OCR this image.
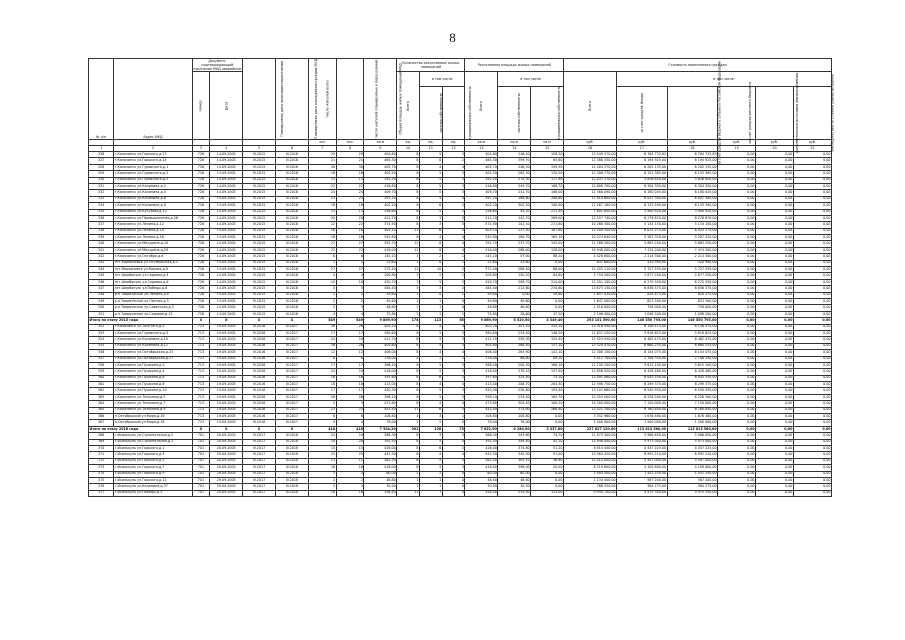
8
№ п/п	Адрес МКД	Документ, подтверждающий признание МКД аварийным		Планируемая дата окончания переселения	Планируемая дата сноса/реконструкции МКД	Число жителей всего	Число жителей планируемых к переселению	Общая площадь жилых помещений МКД	Количество расселяемых жилых помещений			Расселяемая площадь жилых помещений			Стоимость переселения граждан					
		Номер	Дата						Всего	в том числе		Всего	в том числе		Всего	в том числе:				
										частная собственность	муниципальная собственность		частная собственность	муниципальная собственность		за счет средств Фонда	за счет средств бюджета субъекта Российской Федерации	за счет средств местного бюджета	Дополнительные источники финансирования	Внебюджетные источники финансирования
						чел.	чел.	кв.м	ед.	ед.	ед.	кв.м	кв.м	кв.м	руб.	руб.	руб.	руб.	руб.	руб.
1	2	3	4	5	6	7	8	9	10	11	12	13	14	15	16	17	18	19	20	21
326	г.Калачинск ул.Горького,д.13	726	14.09.2005	IV.2015	IV.2016	29	29	404,60	8	5	3	404,60	246,40	158,20	13 349 470,00	6 784 733,85	6 784 733,85	0,00	0,00	0,00
327	г.Калачинск ул.Горького,д.14	726	14.09.2005	IV.2015	IV.2016	21	21	465,30	8	6	2	465,30	399,70	65,60	12 388 350,00	6 194 925,00	6 194 925,00	0,00	0,00	0,00
328	г.Калачинск ул.Гуровского,д.1	726	14.09.2005	IV.2015	IV.2016	30	30	405,70	8	4	4	405,70	246,20	159,50	12 404 270,00	6 202 135,00	6 202 135,00	0,00	0,00	0,00
329	г.Калачинск ул.Гуровского,д.2	726	14.09.2005	IV.2015	IV.2016	16	16	405,50	8	5	3	405,50	285,30	120,20	12 306 770,00	6 153 385,00	6 153 385,00	0,00	0,00	0,00
330	г.Калачинск ул.Гуровского,д.3	726	14.09.2005	IV.2015	IV.2016	13	13	392,20	8	5	3	392,20	274,30	117,90	12 037 170,00	5 826 850,00	5 826 850,00	0,00	0,00	0,00
331	г.Калачинск ул.Калинина,д.2	726	14.09.2005	IV.2015	IV.2016	22	22	416,80	8	5	3	416,80	249,70	166,70	12 608 700,00	6 304 350,00	6 304 350,00	0,00	0,00	0,00
332	г.Калачинск ул.Калинина,д.4	726	14.09.2005	IV.2015	IV.2016	24	24	409,70	8	5	3	409,70	241,70	168,00	12 360 090,00	6 180 045,00	6 180 045,00	0,00	0,00	0,00
333	г.Калачинск ул.Калинина,д.6	726	14.09.2005	IV.2015	IV.2016	23	23	397,20	8	4	4	397,20	188,60	208,60	11 914 600,00	6 057 300,00	6 057 300,00	0,00	0,00	0,00
334	г.Калачинск ул.Калинина,д.8	726	14.09.2005	IV.2015	IV.2016	18	18	402,20	8	6	2	402,20	302,20	100,00	12 267 180,00	6 133 590,00	6 133 590,00	0,00	0,00	0,00
335	г.Калачинск ул.Кутузова,д.12	726	14.09.2005	IV.2015	IV.2016	13	13	256,60	6	4	2	256,60	45,20	211,40	7 801 840,00	3 900 920,00	3 900 920,00	0,00	0,00	0,00
336	г.Калачинск ул.Промышленная,д.26	726	14.09.2005	IV.2015	IV.2016	20	20	411,70	8	3	5	411,70	142,70	269,00	12 557 740,00	6 278 870,00	6 278 870,00	0,00	0,00	0,00
337	г.Калачинск ул.Ленина,д.12	726	14.09.2005	IV.2015	IV.2016	22	22	374,90	8	3	5	374,90	102,10	272,80	10 268 300,00	5 134 150,00	5 134 150,00	0,00	0,00	0,00
338	г.Калачинск ул.Ленина,д.14	726	14.09.2005	IV.2015	IV.2016	16	16	405,10	11	6	5	405,10	237,50	167,60	12 050 550,00	6 025 275,00	6 025 275,00	0,00	0,00	0,00
339	г.Калачинск ул.Ленина,д.16	726	14.09.2005	IV.2015	IV.2016	16	16	345,80	8	4	4	345,80	180,70	165,10	10 574 640,00	5 287 320,00	5 287 320,00	0,00	0,00	0,00
340	г.Калачинск ул.Мичурина,д.10	726	14.09.2005	IV.2015	IV.2016	27	27	392,70	12	8	4	392,70	237,70	155,00	11 766 500,00	5 883 250,00	5 883 250,00	0,00	0,00	0,00
341	г.Калачинск ул.Мичурина,д.29	726	14.09.2005	IV.2015	IV.2016	22	22	416,00	12	8	4	416,00	288,00	128,00	14 948 000,00	7 474 200,00	7 474 200,00	0,00	0,00	0,00
342	г.Калачинск ул.Октября,д.6	726	14.09.2005	IV.2015	IV.2016	6	6	145,20	3	2	1	145,20	57,00	88,20	4 428 600,00	2 214 300,00	2 214 300,00	0,00	0,00	0,00
343	пгт.Кормиловка ул.Октябрьская,д.2	726	14.09.2005	IV.2015	IV.2016	1	1	25,60	1	0	1	25,60	25,60	0,00	841 680,00	420 990,00	420 990,00	0,00	0,00	0,00
344	пгт.Марьяновка ул.Кирова,д.8	726	14.09.2005	IV.2015	IV.2016	27	27	372,40	12	10	2	372,40	286,40	86,00	11 455 110,00	5 727 555,00	5 727 555,00	0,00	0,00	0,00
345	пгт.Шербакуль ул.Садовая,д.4	726	14.09.2005	IV.2015	IV.2016	4	4	209,80	3	2	1	209,80	150,20	64,60	5 754 500,00	2 877 250,00	2 877 250,00	0,00	0,00	0,00
346	пгт.Шербакуль ул.Садовая,д.6	726	14.09.2005	IV.2015	IV.2016	10	10	420,70	7	5	2	420,70	206,70	214,00	12 551 100,00	6 275 550,00	6 275 550,00	0,00	0,00	0,00
347	пгт.Шербакуль ул.Победы,д.6	726	14.09.2005	IV.2015	IV.2016	5	5	484,40	5	3	2	484,40	213,80	270,60	13 673 150,00	6 836 575,00	6 836 575,00	0,00	0,00	0,00
348	р.п.Таврическое ул.Ленина,д.8	726	14.09.2005	IV.2015	IV.2016	2	2	59,60	1	0	1	59,60	0,00	59,60	1 657 030,00	828 475,00	828 475,00	0,00	0,00	0,00
349	р.п.Таврическое ул.Омская,д.5	726	14.09.2005	IV.2015	IV.2016	2	2	49,60	1	1	0	49,60	49,60	0,00	1 647 000,00	823 500,00	823 500,00	0,00	0,00	0,00
350	р.п.Таврическое ул.Советская,д.3	726	14.09.2005	IV.2015	IV.2016	3	3	46,60	1	1	0	46,60	46,60	0,00	1 516 000,00	758 000,00	758 000,00	0,00	0,00	0,00
351	р.п.Таврическое ул.Садовая,д.13	726	14.09.2005	IV.2015	IV.2016	4	4	75,80	2	1	1	75,80	28,60	47,20	2 196 400,00	1 098 200,00	1 098 200,00	0,00	0,00	0,00
Итого по этапу 2015 года		X	X	X	X	549	549	9 869,90	178	113	65	9 869,90	5 520,50	4 349,40	293 101 590,00	146 550 795,00	146 550 795,00	0,00	0,00	0,00
352	г.Калачинск ул.Толстого,д.5	713	19.09.2005	IV.2016	IV.2017	26	26	402,20	8	4	4	402,20	247,10	155,10	12 316 950,00	6 158 475,00	6 158 475,00	0,00	0,00	0,00
353	г.Калачинск ул.Гуровского,д.5	713	19.09.2005	IV.2016	IV.2017	17	17	380,60	8	5	3	380,60	234,40	146,20	11 637 250,00	5 818 625,00	5 818 625,00	0,00	0,00	0,00
354	г.Калачинск ул.Калинина,д.10	713	19.09.2005	IV.2016	IV.2017	24	24	412,70	8	5	3	412,70	259,30	153,40	12 924 950,00	6 462 475,00	6 462 475,00	0,00	0,00	0,00
355	г.Калачинск ул.Калинина,д.12	713	19.09.2005	IV.2016	IV.2017	26	26	405,60	8	5	3	405,60	268,40	137,20	13 320 470,00	6 660 235,00	6 660 235,00	0,00	0,00	0,00
356	г.Калачинск ул.Октябрьская,д.23	713	19.09.2005	IV.2016	IV.2017	12	12	406,00	8	4	4	406,00	263,90	142,10	12 308 150,00	6 154 075,00	6 154 075,00	0,00	0,00	0,00
357	г.Калачинск ул.Октябрьская,д.27	713	19.09.2005	IV.2016	IV.2017	8	8	178,00	4	2	2	178,00	88,80	89,20	5 412 700,00	2 706 350,00	2 706 350,00	0,00	0,00	0,00
358	г.Калачинск ул.Пушкина,д.2	713	19.09.2005	IV.2016	IV.2017	17	17	368,40	8	5	3	368,40	200,30	168,10	11 230 200,00	5 615 100,00	5 615 100,00	0,00	0,00	0,00
359	г.Калачинск ул.Пушкина,д.4	713	19.09.2005	IV.2016	IV.2017	24	24	416,00	8	5	3	416,00	278,10	137,90	12 856 920,00	6 428 460,00	6 428 460,00	0,00	0,00	0,00
360	г.Калачинск ул.Пушкина,д.6	713	19.09.2005	IV.2016	IV.2017	16	16	397,60	8	6	2	397,60	324,50	73,10	12 091 060,00	6 045 530,00	6 045 530,00	0,00	0,00	0,00
361	г.Калачинск ул.Пушкина,д.8	713	19.09.2005	IV.2016	IV.2017	18	18	413,00	8	4	4	413,00	208,70	204,30	12 598 750,00	6 299 375,00	6 299 375,00	0,00	0,00	0,00
362	г.Калачинск ул.Пушкина,д.10	713	19.09.2005	IV.2016	IV.2017	17	17	420,30	8	5	3	420,30	226,80	193,50	13 101 860,00	6 550 930,00	6 550 930,00	0,00	0,00	0,00
363	г.Калачинск ул.Тельмана,д.5	713	19.09.2005	IV.2016	IV.2017	26	26	398,10	8	5	3	398,10	234,40	163,70	12 453 000,00	6 226 500,00	6 226 500,00	0,00	0,00	0,00
364	г.Калачинск ул.Тельмана,д.7	713	19.09.2005	IV.2016	IV.2017	5	5	473,60	8	4	4	473,60	304,40	169,20	14 300 000,00	7 150 000,00	7 150 000,00	0,00	0,00	0,00
365	г.Калачинск ул.Тельмана,д.9	713	19.09.2005	IV.2016	IV.2017	23	23	443,40	11	6	5	443,40	175,00	268,40	13 521 700,00	6 760 850,00	6 760 850,00	0,00	0,00	0,00
366	п.Октябрьский ул.Мира,д.16	713	19.09.2005	IV.2016	IV.2017	6	6	108,80	4	3	1	108,80	108,80	0,00	3 352 960,00	1 676 480,00	1 676 480,00	0,00	0,00	0,00
367	п.Октябрьский ул.Мира,д.18	713	19.09.2005	IV.2016	IV.2017	4	4	78,00	2	2	0	78,00	78,00	0,00	2 400 000,00	1 200 000,00	1 200 000,00	0,00	0,00	0,00
Итого по этапу 2016 года		X	X	X	X	418	418	7 354,20	201	128	73	7 622,90	4 284,90	3 337,80	227 627 120,00	113 813 560,00	113 813 560,00	0,00	0,00	0,00
368	г.Исилькуль ул.Строительная,д.2	701	20.09.2005	IV.2017	IV.2018	24	24	368,30	8	3	5	368,30	293,60	74,70	11 973 300,00	5 986 650,00	5 986 650,00	0,00	0,00	0,00
369	г.Исилькуль ул.Строительная,д.3	701	20.09.2005	IV.2017	IV.2018	20	20	391,50	8	4	4	391,50	349,40	42,10	11 946 000,00	5 973 000,00	5 973 000,00	0,00	0,00	0,00
370	г.Исилькуль ул.Горького,д.1	701	20.09.2005	IV.2017	IV.2018	15	15	426,00	8	6	2	426,00	374,80	51,20	8 914 450,00	4 457 225,00	4 457 225,00	0,00	0,00	0,00
371	г.Исилькуль ул.Горького,д.3	701	20.09.2005	IV.2017	IV.2018	25	25	442,50	8	4	4	442,50	345,50	97,00	13 984 420,00	6 992 210,00	6 992 210,00	0,00	0,00	0,00
372	г.Исилькуль ул.Горького,д.5	701	20.09.2005	IV.2017	IV.2018	11	11	362,50	8	5	3	362,50	305,70	56,80	11 014 000,00	5 507 000,00	5 507 000,00	0,00	0,00	0,00
373	г.Исилькуль ул.Горького,д.7	701	20.09.2005	IV.2017	IV.2018	16	16	416,00	8	5	3	416,00	396,00	20,00	8 219 600,00	4 109 800,00	4 109 800,00	0,00	0,00	0,00
374	г.Исилькуль ул.Горького,д.9	701	29.09.2005	IV.2017	IV.2018	3	3	60,00	2	2	0	60,00	60,00	0,00	2 904 500,00	1 452 250,00	1 452 250,00	0,00	0,00	0,00
375	г.Исилькуль ул.Горького,д.11	701	29.09.2005	IV.2017	IV.2018	2	2	48,80	1	1	0	48,80	48,80	0,00	1 134 400,00	567 200,00	567 200,00	0,00	0,00	0,00
376	г.Исилькуль ул.Калинина,д.37	701	29.09.2005	IV.2017	IV.2018	3	3	30,50	1	1	0	30,50	30,50	0,00	768 550,00	384 275,00	384 275,00	0,00	0,00	0,00
377	г.Исилькуль ул.Победы,д.3	701	29.09.2005	IV.2017	IV.2018	18	18	358,40	11	7	4	358,40	234,40	124,00	9 950 700,00	4 975 350,00	4 975 350,00	0,00	0,00	0,00
